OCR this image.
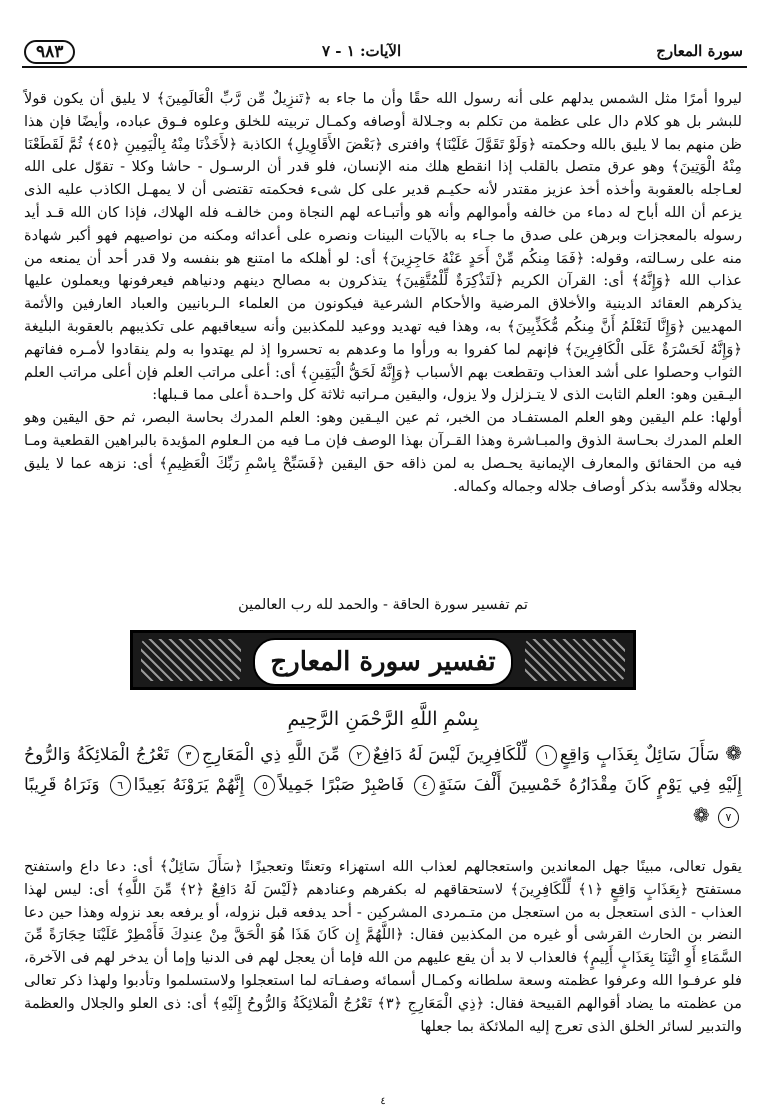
سورة المعارج
الآيات: ١ - ٧
٩٨٣

ليروا أمرًا مثل الشمس يدلهم على أنه رسول الله حقًا وأن ما جاء به ﴿تَنزِيلٌ مِّن رَّبِّ الْعَالَمِينَ﴾ لا يليق أن يكون قولاً للبشر بل هو كلام دال على عظمة من تكلم به وجـلالة أوصافه وكمـال تربيته للخلق وعلوه فـوق عباده، وأيضًا فإن هذا ظن منهم بما لا يليق بالله وحكمته ﴿وَلَوْ تَقَوَّلَ عَلَيْنَا﴾ وافترى ﴿بَعْضَ الأَقَاوِيلِ﴾ الكاذبة ﴿لأَخَذْنَا مِنْهُ بِالْيَمِينِ ﴿٤٥﴾ ثُمَّ لَقَطَعْنَا مِنْهُ الْوَتِينَ﴾ وهو عرق متصل بالقلب إذا انقطع هلك منه الإنسان، فلو قدر أن الرسـول - حاشا وكلا - تقوّل على الله لعـاجله بالعقوبة وأخذه أخذ عزيز مقتدر لأنه حكيـم قدير على كل شىء فحكمته تقتضى أن لا يمهـل الكاذب عليه الذى يزعم أن الله أباح له دماء من خالفه وأموالهم وأنه هو وأتبـاعه لهم النجاة ومن خالفـه فله الهلاك، فإذا كان الله قـد أيد رسوله بالمعجزات وبرهن على صدق ما جـاء به بالآيات البينات ونصره على أعدائه ومكنه من نواصيهم فهو أكبر شهادة منه على رسـالته، وقوله: ﴿فَمَا مِنكُم مِّنْ أَحَدٍ عَنْهُ حَاجِزِينَ﴾ أى: لو أهلكه ما امتنع هو بنفسه ولا قدر أحد أن يمنعه من عذاب الله ﴿وَإِنَّهُ﴾ أى: القرآن الكريم ﴿لَتَذْكِرَةٌ لِّلْمُتَّقِينَ﴾ يتذكرون به مصالح دينهم ودنياهم فيعرفونها ويعملون عليها يذكرهم العقائد الدينية والأخلاق المرضية والأحكام الشرعية فيكونون من العلماء الـربانيين والعباد العارفين والأئمة المهديين ﴿وَإِنَّا لَنَعْلَمُ أَنَّ مِنكُم مُّكَذِّبِينَ﴾ به، وهذا فيه تهديد ووعيد للمكذبين وأنه سيعاقبهم على تكذيبهم بالعقوبة البليغة ﴿وَإِنَّهُ لَحَسْرَةٌ عَلَى الْكَافِرِينَ﴾ فإنهم لما كفروا به ورأوا ما وعدهم به تحسروا إذ لم يهتدوا به ولم ينقادوا لأمـره ففاتهم الثواب وحصلوا على أشد العذاب وتقطعت بهم الأسباب ﴿وَإِنَّهُ لَحَقُّ الْيَقِينِ﴾ أى: أعلى مراتب العلم فإن أعلى مراتب العلم اليـقين وهو: العلم الثابت الذى لا يتـزلزل ولا يزول، واليقين مـراتبه ثلاثة كل واحـدة أعلى مما قـبلها:

أولها: علم اليقين وهو العلم المستفـاد من الخبر، ثم عين اليـقين وهو: العلم المدرك بحاسة البصر، ثم حق اليقين وهو العلم المدرك بحـاسة الذوق والمبـاشرة وهذا القـرآن بهذا الوصف فإن مـا فيه من الـعلوم المؤيدة بالبراهين القطعية ومـا فيه من الحقائق والمعارف الإيمانية يحـصل به لمن ذاقه حق اليقين ﴿فَسَبِّحْ بِاسْمِ رَبِّكَ الْعَظِيمِ﴾ أى: نزهه عما لا يليق بجلاله وقدِّسه بذكر أوصاف جلاله وجماله وكماله.

تم تفسير سورة الحاقة - والحمد لله رب العالمين
تفسير سورة المعارج
بِسْمِ اللَّهِ الرَّحْمَنِ الرَّحِيمِ
❁ سَأَلَ سَائِلٌ بِعَذَابٍ وَاقِعٍ١ لِّلْكَافِرِينَ لَيْسَ لَهُ دَافِعٌ٢ مِّنَ اللَّهِ ذِي الْمَعَارِجِ٣ تَعْرُجُ الْمَلائِكَةُ وَالرُّوحُ إِلَيْهِ فِي يَوْمٍ كَانَ مِقْدَارُهُ خَمْسِينَ أَلْفَ سَنَةٍ٤ فَاصْبِرْ صَبْرًا جَمِيلاً٥ إِنَّهُمْ يَرَوْنَهُ بَعِيدًا٦ وَنَرَاهُ قَرِيبًا٧ ❁

يقول تعالى، مبينًا جهل المعاندين واستعجالهم لعذاب الله استهزاء وتعنتًا وتعجيزًا ﴿سَأَلَ سَائِلٌ﴾ أى: دعا داع واستفتح مستفتح ﴿بِعَذَابٍ وَاقِعٍ ﴿١﴾ لِّلْكَافِرِينَ﴾ لاستحقاقهم له بكفرهم وعنادهم ﴿لَيْسَ لَهُ دَافِعٌ ﴿٢﴾ مِّنَ اللَّهِ﴾ أى: ليس لهذا العذاب - الذى استعجل به من استعجل من متـمردى المشركين - أحد يدفعه قبل نزوله، أو يرفعه بعد نزوله وهذا حين دعا النضر بن الحارث القرشى أو غيره من المكذبين فقال: ﴿اللَّهُمَّ إِن كَانَ هَذَا هُوَ الْحَقَّ مِنْ عِندِكَ فَأَمْطِرْ عَلَيْنَا حِجَارَةً مِّنَ السَّمَاءِ أَوِ ائْتِنَا بِعَذَابٍ أَلِيمٍ﴾ فالعذاب لا بد أن يقع عليهم من الله فإما أن يعجل لهم فى الدنيا وإما أن يدخر لهم فى الآخرة، فلو عرفـوا الله وعرفوا عظمته وسعة سلطانه وكمـال أسمائه وصفـاته لما استعجلوا ولاستسلموا وتأدبوا ولهذا ذكر تعالى من عظمته ما يضاد أقوالهم القبيحة فقال: ﴿ذِي الْمَعَارِجِ ﴿٣﴾ تَعْرُجُ الْمَلائِكَةُ وَالرُّوحُ إِلَيْهِ﴾ أى: ذى العلو والجلال والعظمة والتدبير لسائر الخلق الذى تعرج إليه الملائكة بما جعلها

٤
